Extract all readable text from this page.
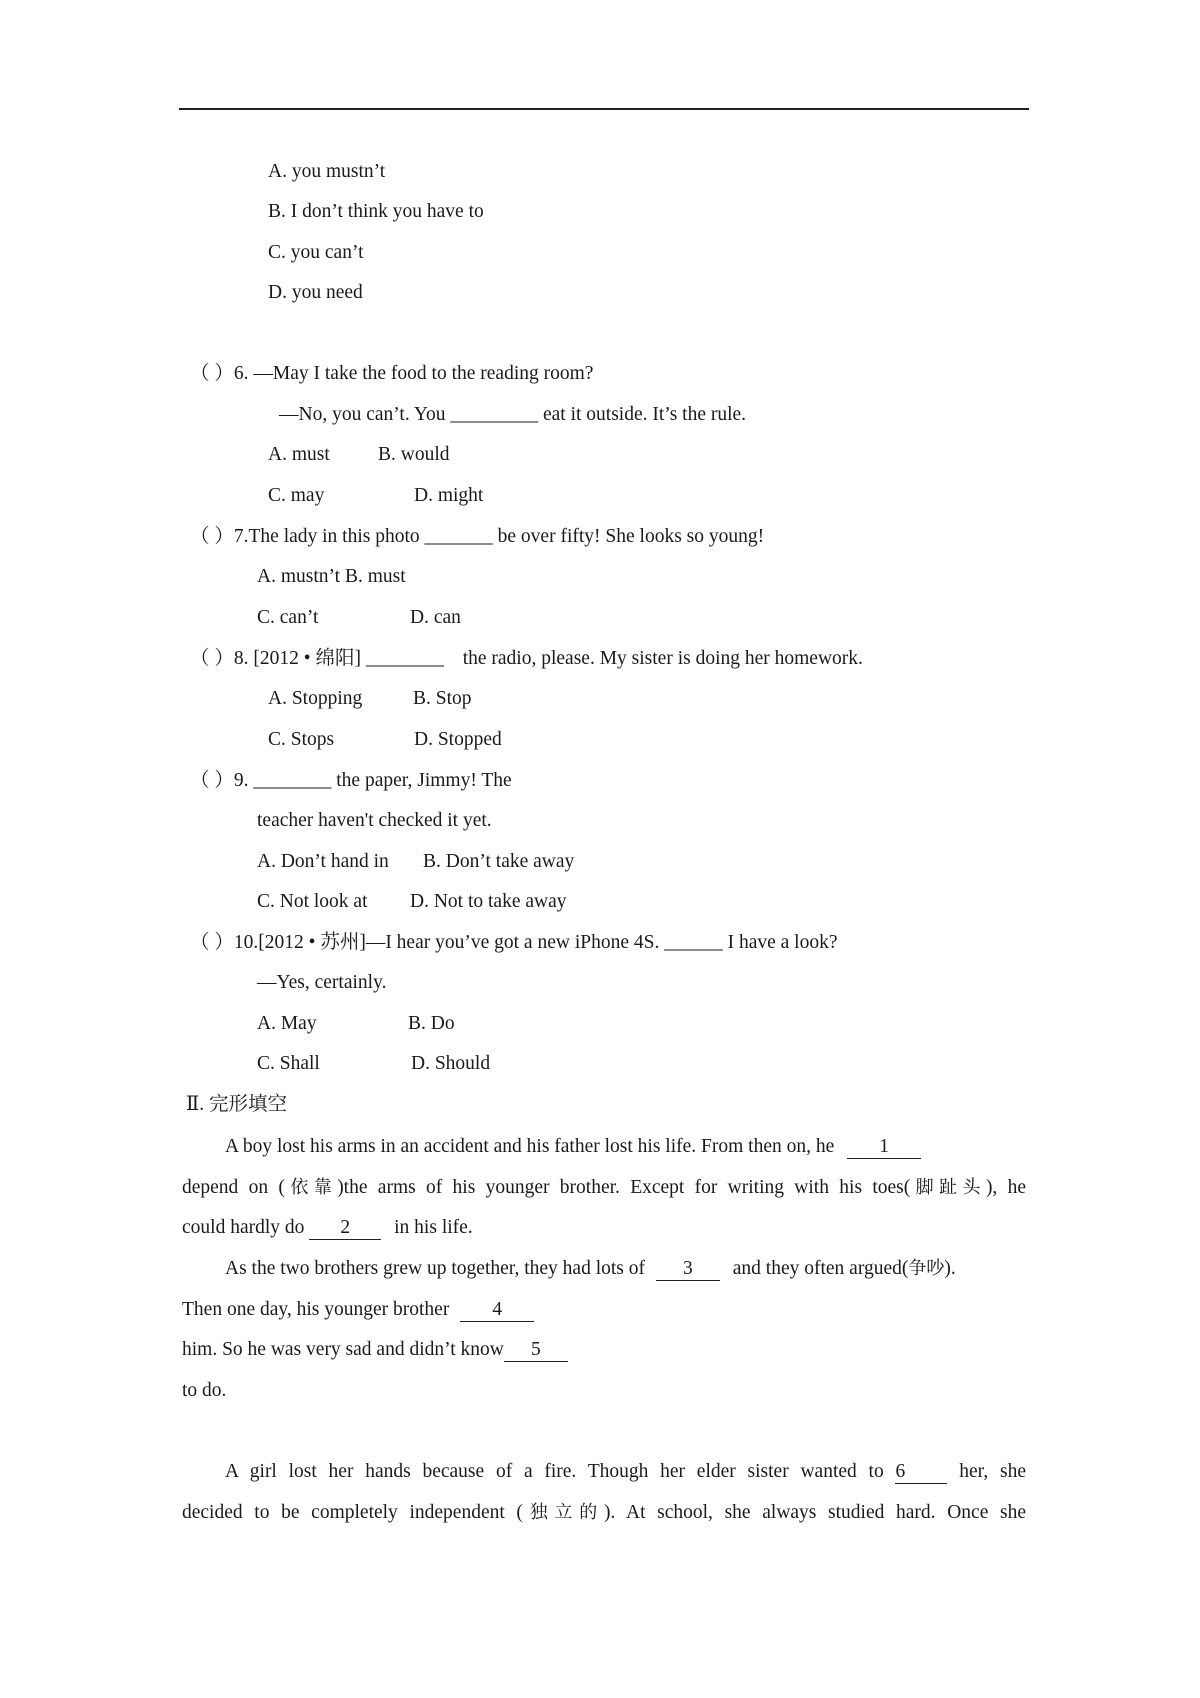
A. you mustn’t
B. I don’t think you have to
C. you can’t
D. you need
（ ）6. —May I take the food to the reading room?
—No, you can’t. You _________ eat it outside. It’s the rule.
A. must B. would
C. may	D. might
（ ）7.The lady in this photo _______ be over fifty! She looks so young!
A. mustn’t B. must
C. can’t	D. can
（ ）8. [2012 • 绵阳] ________ the radio, please. My sister is doing her homework.
A. Stopping	B. Stop
C. Stops	D. Stopped
（ ）9. ________ the paper, Jimmy! The
teacher haven't checked it yet.
A. Don’t hand in B. Don’t take away
C. Not look at D. Not to take away
（ ）10.[2012 • 苏州]—I hear you’ve got a new iPhone 4S. ______ I have a look?
—Yes, certainly.
A. May	B. Do
C. Shall	D. Should
Ⅱ. 完形填空
A boy lost his arms in an accident and his father lost his life. From then on, he 1
depend on (依靠)the arms of his younger brother. Except for writing with his toes(脚趾头), he
could hardly do 2 in his life.
As the two brothers grew up together, they had lots of 3 and they often argued(争吵).
Then one day, his younger brother 4
him. So he was very sad and didn’t know 5
to do.
A girl lost her hands because of a fire. Though her elder sister wanted to 6	her, she
decided to be completely independent (独立的). At school, she always studied hard. Once she
